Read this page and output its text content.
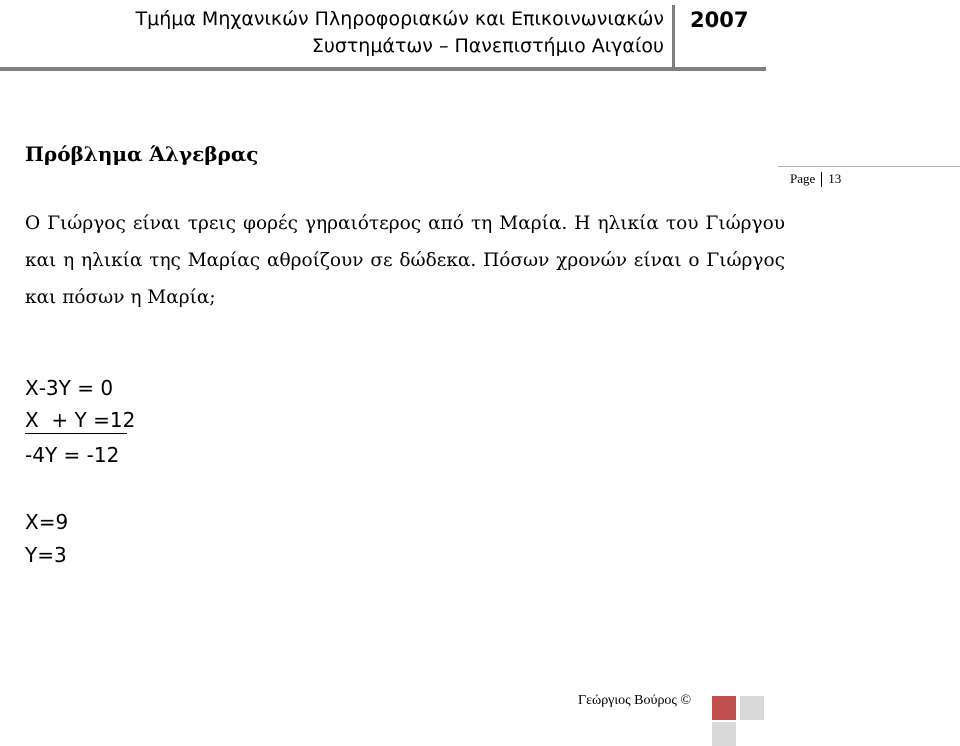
Τμήμα Μηχανικών Πληροφοριακών και Επικοινωνιακών
Συστημάτων – Πανεπιστήμιο Αιγαίου
2007
Πρόβλημα Άλγεβρας
Page 13
Ο Γιώργος είναι τρεις φορές γηραιότερος από τη Μαρία. Η ηλικία του Γιώργου και η ηλικία της Μαρίας αθροίζουν σε δώδεκα. Πόσων χρονών είναι ο Γιώργος και πόσων η Μαρία;
Χ-3Υ = 0
Χ  + Υ =12
-4Υ = -12
Χ=9
Υ=3
Γεώργιος Βούρος ©
